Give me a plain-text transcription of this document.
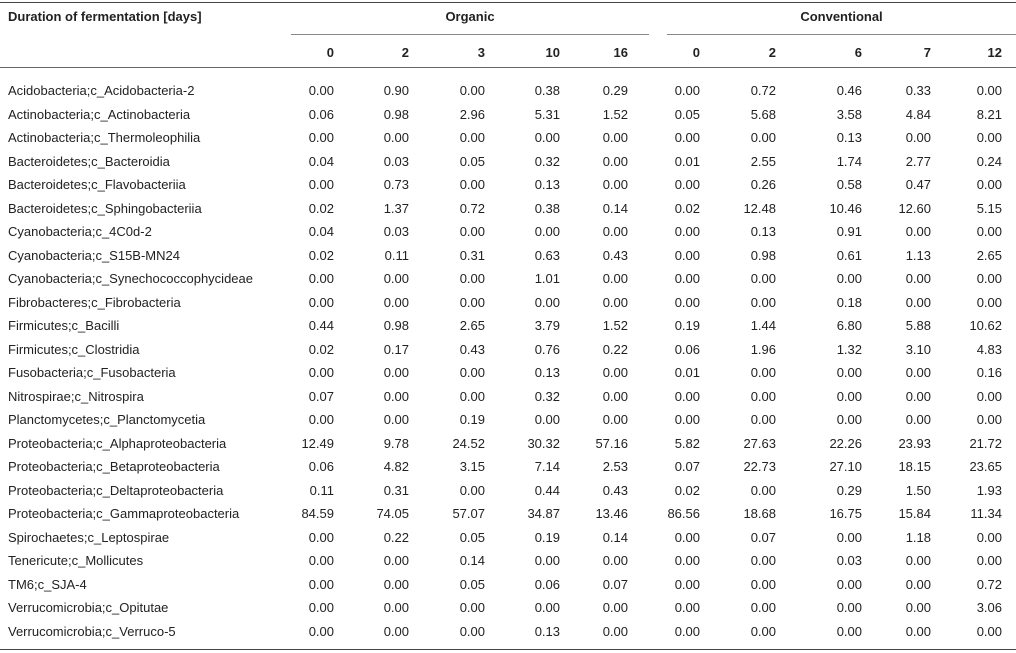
Duration of fermentation [days]	Organic	Conventional
0	2	3	10	16	0	2	6	7	12
Acidobacteria;c_Acidobacteria-2	0.00	0.90	0.00	0.38	0.29	0.00	0.72	0.46	0.33	0.00
Actinobacteria;c_Actinobacteria	0.06	0.98	2.96	5.31	1.52	0.05	5.68	3.58	4.84	8.21
Actinobacteria;c_Thermoleophilia	0.00	0.00	0.00	0.00	0.00	0.00	0.00	0.13	0.00	0.00
Bacteroidetes;c_Bacteroidia	0.04	0.03	0.05	0.32	0.00	0.01	2.55	1.74	2.77	0.24
Bacteroidetes;c_Flavobacteriia	0.00	0.73	0.00	0.13	0.00	0.00	0.26	0.58	0.47	0.00
Bacteroidetes;c_Sphingobacteriia	0.02	1.37	0.72	0.38	0.14	0.02	12.48	10.46	12.60	5.15
Cyanobacteria;c_4C0d-2	0.04	0.03	0.00	0.00	0.00	0.00	0.13	0.91	0.00	0.00
Cyanobacteria;c_S15B-MN24	0.02	0.11	0.31	0.63	0.43	0.00	0.98	0.61	1.13	2.65
Cyanobacteria;c_Synechococcophycideae	0.00	0.00	0.00	1.01	0.00	0.00	0.00	0.00	0.00	0.00
Fibrobacteres;c_Fibrobacteria	0.00	0.00	0.00	0.00	0.00	0.00	0.00	0.18	0.00	0.00
Firmicutes;c_Bacilli	0.44	0.98	2.65	3.79	1.52	0.19	1.44	6.80	5.88	10.62
Firmicutes;c_Clostridia	0.02	0.17	0.43	0.76	0.22	0.06	1.96	1.32	3.10	4.83
Fusobacteria;c_Fusobacteria	0.00	0.00	0.00	0.13	0.00	0.01	0.00	0.00	0.00	0.16
Nitrospirae;c_Nitrospira	0.07	0.00	0.00	0.32	0.00	0.00	0.00	0.00	0.00	0.00
Planctomycetes;c_Planctomycetia	0.00	0.00	0.19	0.00	0.00	0.00	0.00	0.00	0.00	0.00
Proteobacteria;c_Alphaproteobacteria	12.49	9.78	24.52	30.32	57.16	5.82	27.63	22.26	23.93	21.72
Proteobacteria;c_Betaproteobacteria	0.06	4.82	3.15	7.14	2.53	0.07	22.73	27.10	18.15	23.65
Proteobacteria;c_Deltaproteobacteria	0.11	0.31	0.00	0.44	0.43	0.02	0.00	0.29	1.50	1.93
Proteobacteria;c_Gammaproteobacteria	84.59	74.05	57.07	34.87	13.46	86.56	18.68	16.75	15.84	11.34
Spirochaetes;c_Leptospirae	0.00	0.22	0.05	0.19	0.14	0.00	0.07	0.00	1.18	0.00
Tenericute;c_Mollicutes	0.00	0.00	0.14	0.00	0.00	0.00	0.00	0.03	0.00	0.00
TM6;c_SJA-4	0.00	0.00	0.05	0.06	0.07	0.00	0.00	0.00	0.00	0.72
Verrucomicrobia;c_Opitutae	0.00	0.00	0.00	0.00	0.00	0.00	0.00	0.00	0.00	3.06
Verrucomicrobia;c_Verruco-5	0.00	0.00	0.00	0.13	0.00	0.00	0.00	0.00	0.00	0.00
